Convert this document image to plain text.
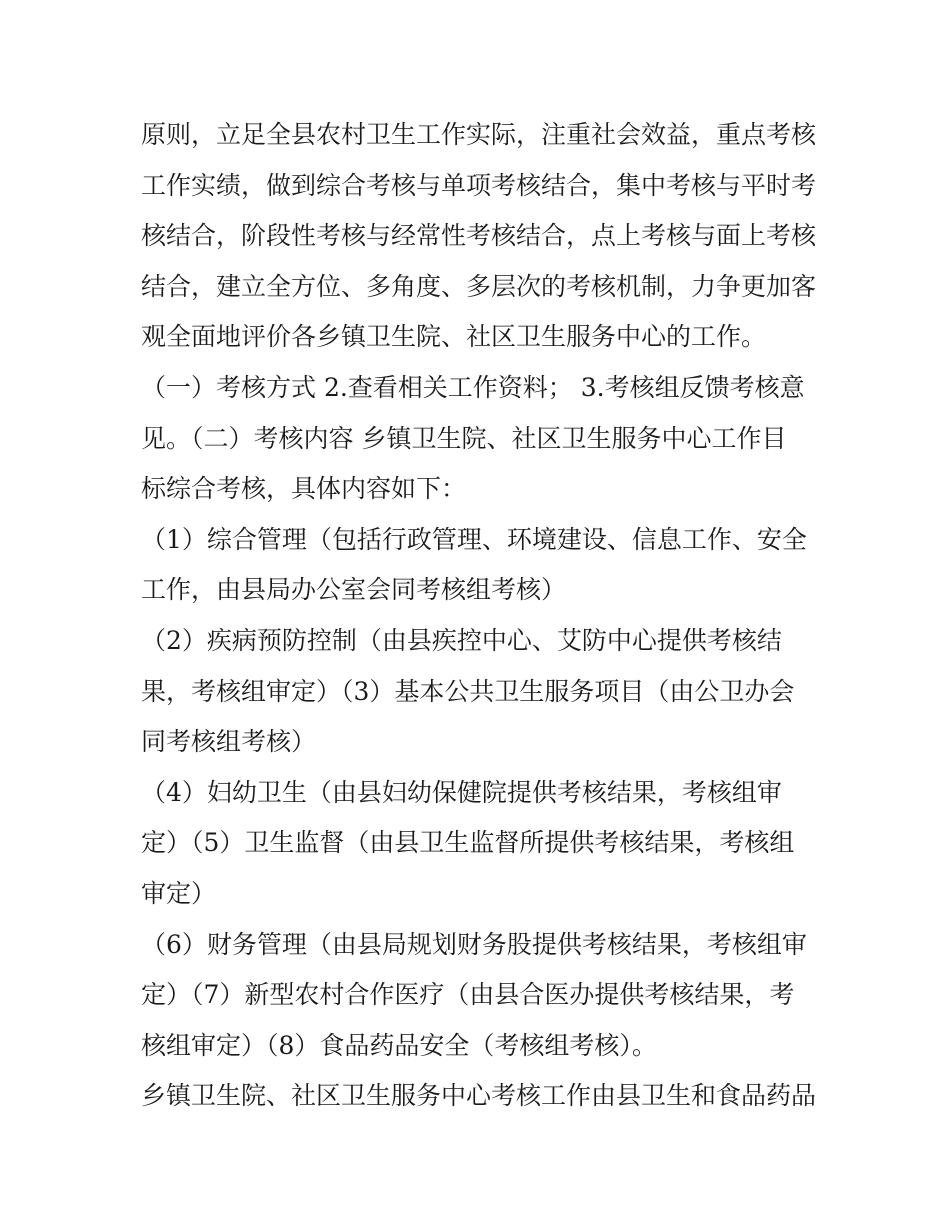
原则，立足全县农村卫生工作实际，注重社会效益，重点考核
工作实绩，做到综合考核与单项考核结合，集中考核与平时考
核结合，阶段性考核与经常性考核结合，点上考核与面上考核
结合，建立全方位、多角度、多层次的考核机制，力争更加客
观全面地评价各乡镇卫生院、社区卫生服务中心的工作。
（一）考核方式 2.查看相关工作资料； 3.考核组反馈考核意
见。（二）考核内容 乡镇卫生院、社区卫生服务中心工作目
标综合考核，具体内容如下：
（1）综合管理（包括行政管理、环境建设、信息工作、安全
工作，由县局办公室会同考核组考核）
（2）疾病预防控制（由县疾控中心、艾防中心提供考核结
果，考核组审定）（3）基本公共卫生服务项目（由公卫办会
同考核组考核）
（4）妇幼卫生（由县妇幼保健院提供考核结果，考核组审
定）（5）卫生监督（由县卫生监督所提供考核结果，考核组
审定）
（6）财务管理（由县局规划财务股提供考核结果，考核组审
定）（7）新型农村合作医疗（由县合医办提供考核结果，考
核组审定）（8）食品药品安全（考核组考核）。
乡镇卫生院、社区卫生服务中心考核工作由县卫生和食品药品
